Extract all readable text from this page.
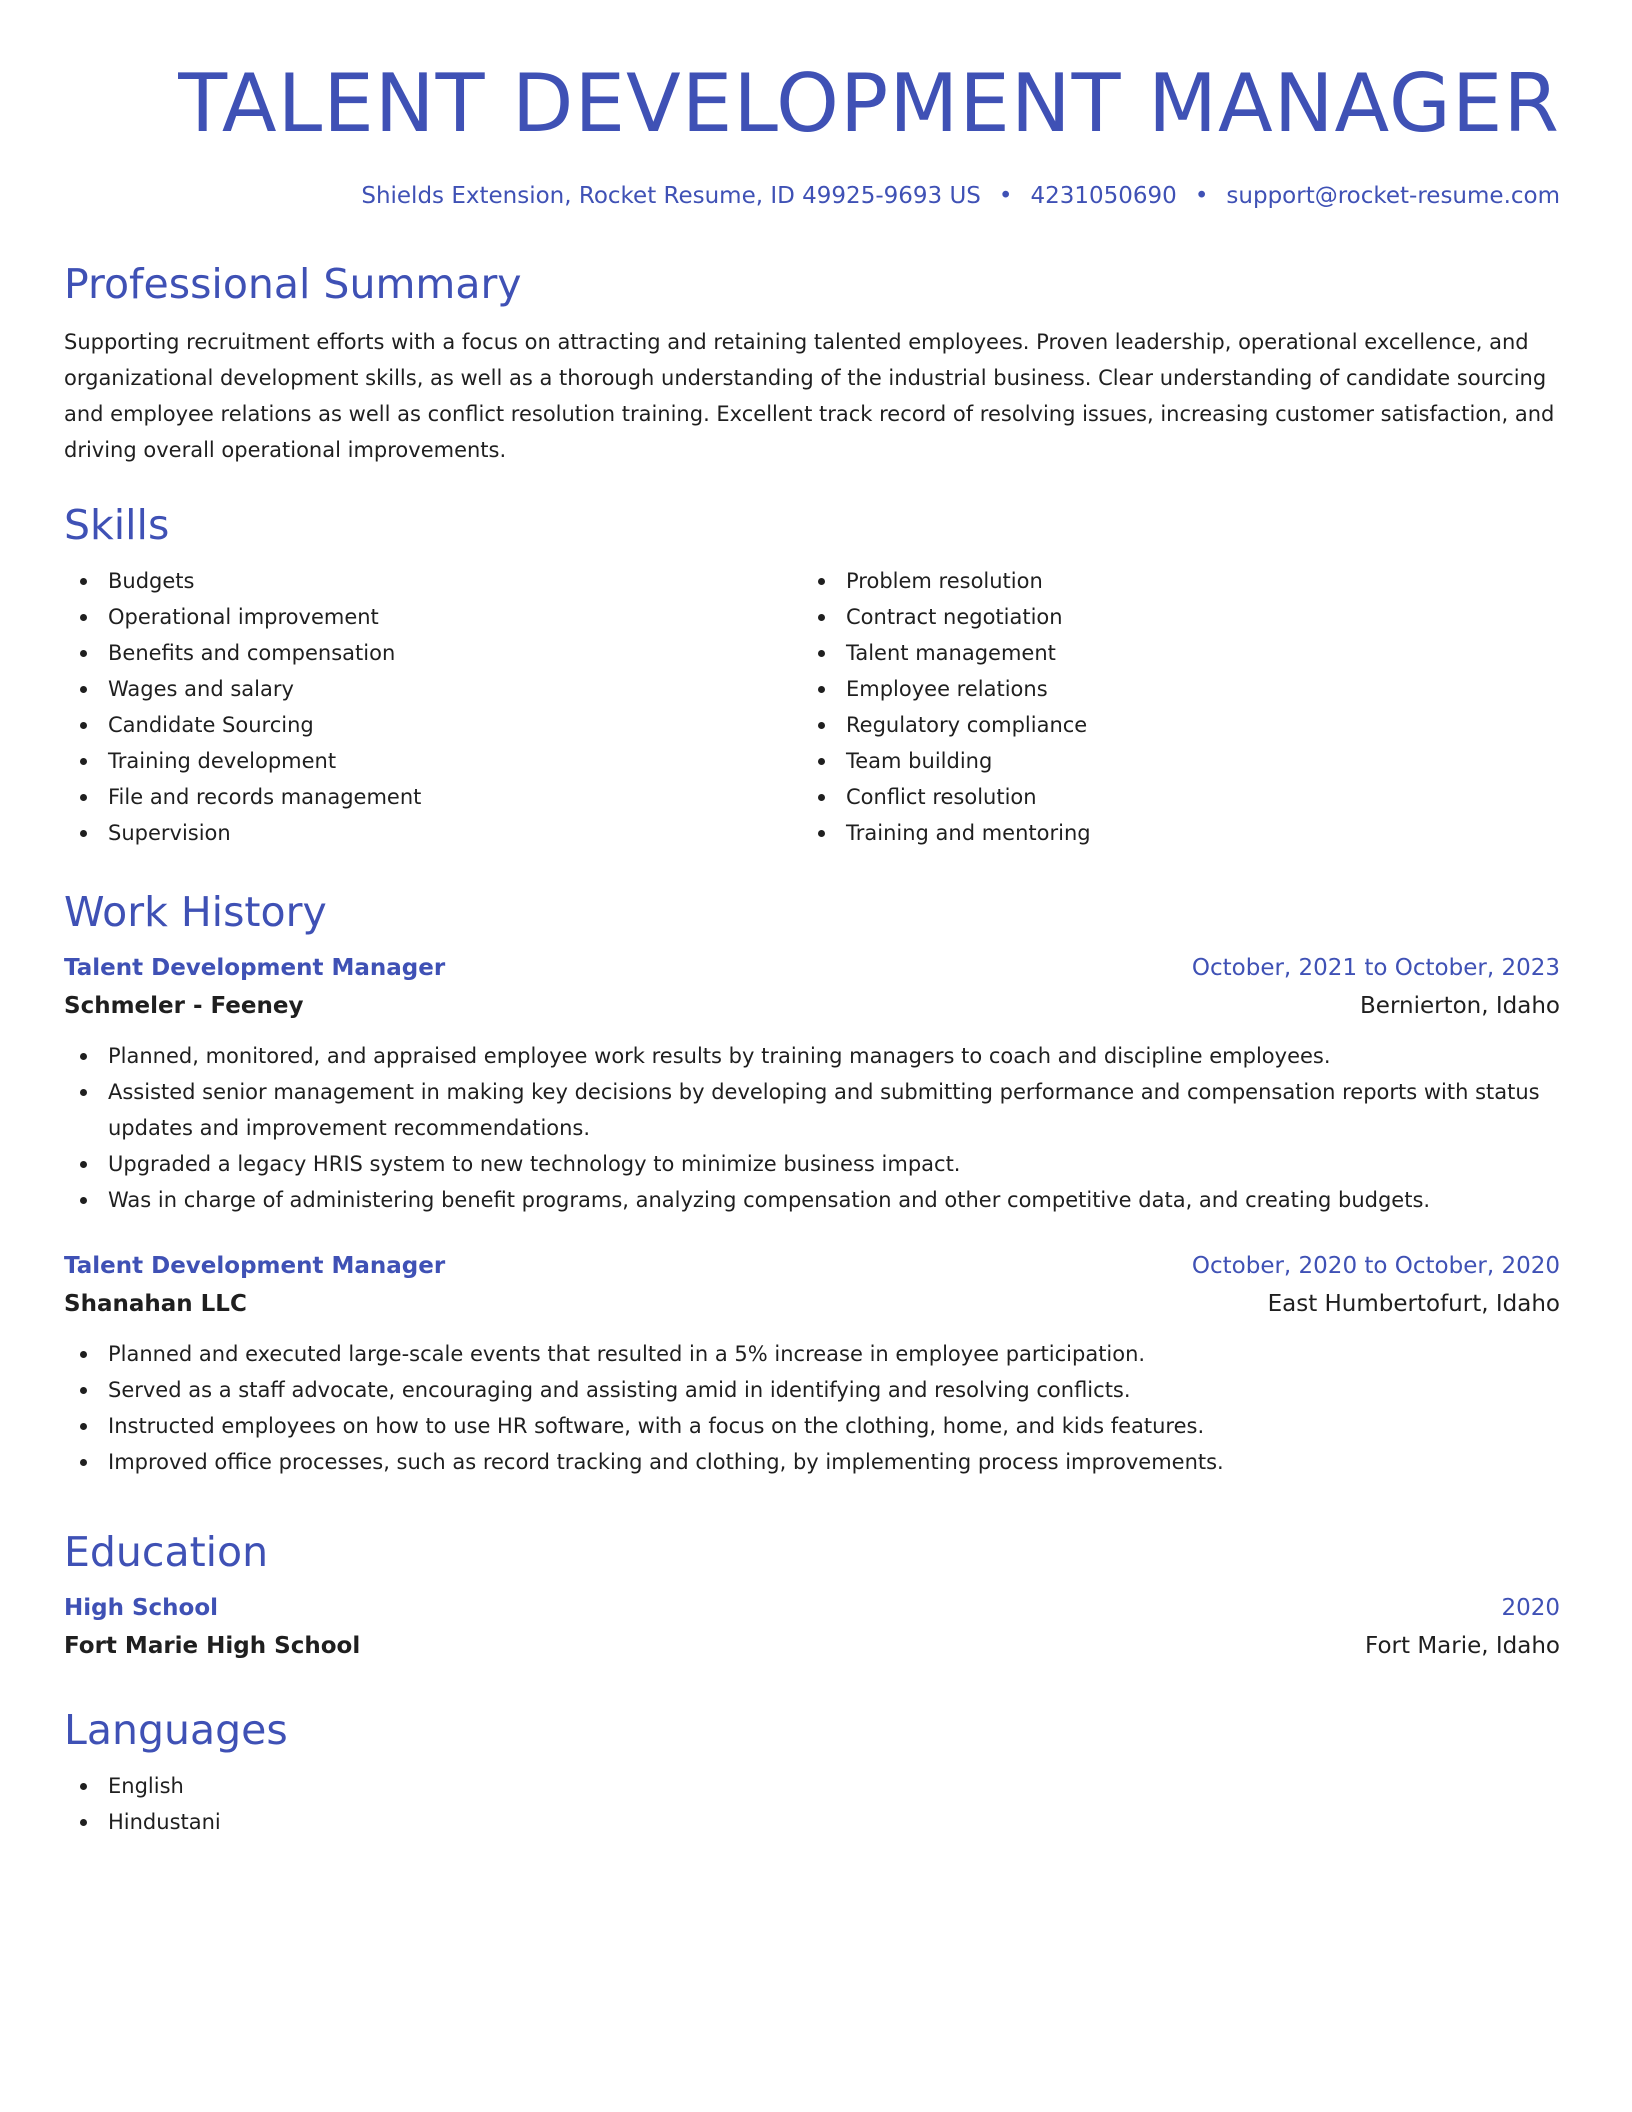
TALENT DEVELOPMENT MANAGER
Shields Extension, Rocket Resume, ID 49925-9693 US • 4231050690 • support@rocket-resume.com
Professional Summary
Supporting recruitment efforts with a focus on attracting and retaining talented employees. Proven leadership, operational excellence, and organizational development skills, as well as a thorough understanding of the industrial business. Clear understanding of candidate sourcing and employee relations as well as conflict resolution training. Excellent track record of resolving issues, increasing customer satisfaction, and driving overall operational improvements.
Skills
Budgets
Operational improvement
Benefits and compensation
Wages and salary
Candidate Sourcing
Training development
File and records management
Supervision
Problem resolution
Contract negotiation
Talent management
Employee relations
Regulatory compliance
Team building
Conflict resolution
Training and mentoring
Work History
Talent Development Manager	October, 2021 to October, 2023
Schmeler - Feeney	Bernierton, Idaho
Planned, monitored, and appraised employee work results by training managers to coach and discipline employees.
Assisted senior management in making key decisions by developing and submitting performance and compensation reports with status updates and improvement recommendations.
Upgraded a legacy HRIS system to new technology to minimize business impact.
Was in charge of administering benefit programs, analyzing compensation and other competitive data, and creating budgets.
Talent Development Manager	October, 2020 to October, 2020
Shanahan LLC	East Humbertofurt, Idaho
Planned and executed large-scale events that resulted in a 5% increase in employee participation.
Served as a staff advocate, encouraging and assisting amid in identifying and resolving conflicts.
Instructed employees on how to use HR software, with a focus on the clothing, home, and kids features.
Improved office processes, such as record tracking and clothing, by implementing process improvements.
Education
High School	2020
Fort Marie High School	Fort Marie, Idaho
Languages
English
Hindustani
